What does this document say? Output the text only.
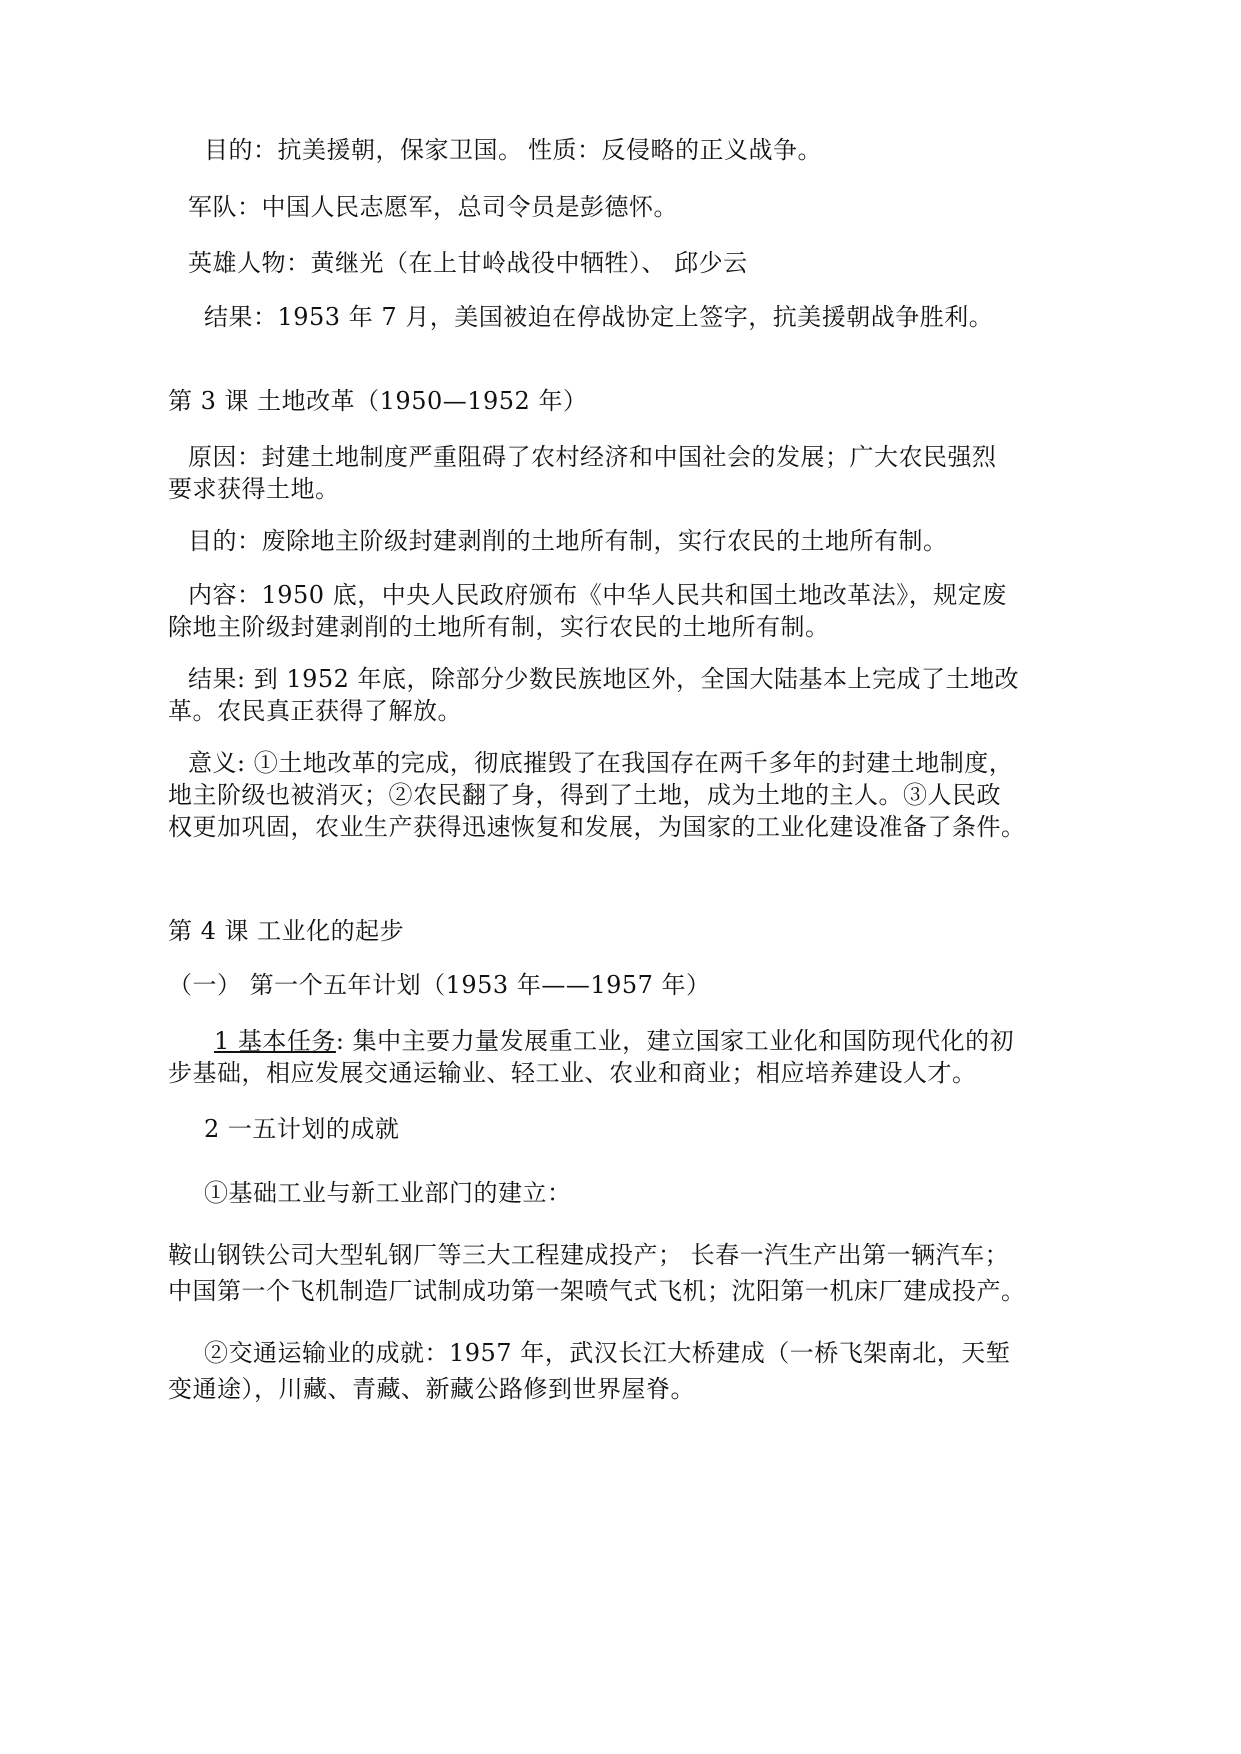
目的：抗美援朝，保家卫国。 性质：反侵略的正义战争。
军队：中国人民志愿军，总司令员是彭德怀。
英雄人物：黄继光（在上甘岭战役中牺牲）、 邱少云
结果：1953 年 7 月，美国被迫在停战协定上签字，抗美援朝战争胜利。
第 3 课 土地改革（1950—1952 年）
原因：封建土地制度严重阻碍了农村经济和中国社会的发展；广大农民强烈
要求获得土地。
目的：废除地主阶级封建剥削的土地所有制，实行农民的土地所有制。
内容：1950 底，中央人民政府颁布《中华人民共和国土地改革法》，规定废
除地主阶级封建剥削的土地所有制，实行农民的土地所有制。
结果: 到 1952 年底，除部分少数民族地区外，全国大陆基本上完成了土地改
革。农民真正获得了解放。
意义: ①土地改革的完成，彻底摧毁了在我国存在两千多年的封建土地制度，
地主阶级也被消灭；②农民翻了身，得到了土地，成为土地的主人。③人民政
权更加巩固，农业生产获得迅速恢复和发展，为国家的工业化建设准备了条件。
第 4 课 工业化的起步
（一） 第一个五年计划（1953 年——1957 年）
1 基本任务: 集中主要力量发展重工业，建立国家工业化和国防现代化的初
步基础，相应发展交通运输业、轻工业、农业和商业；相应培养建设人才。
2 一五计划的成就
①基础工业与新工业部门的建立：
鞍山钢铁公司大型轧钢厂等三大工程建成投产； 长春一汽生产出第一辆汽车；
中国第一个飞机制造厂试制成功第一架喷气式飞机；沈阳第一机床厂建成投产。
②交通运输业的成就：1957 年，武汉长江大桥建成（一桥飞架南北，天堑
变通途），川藏、青藏、新藏公路修到世界屋脊。
